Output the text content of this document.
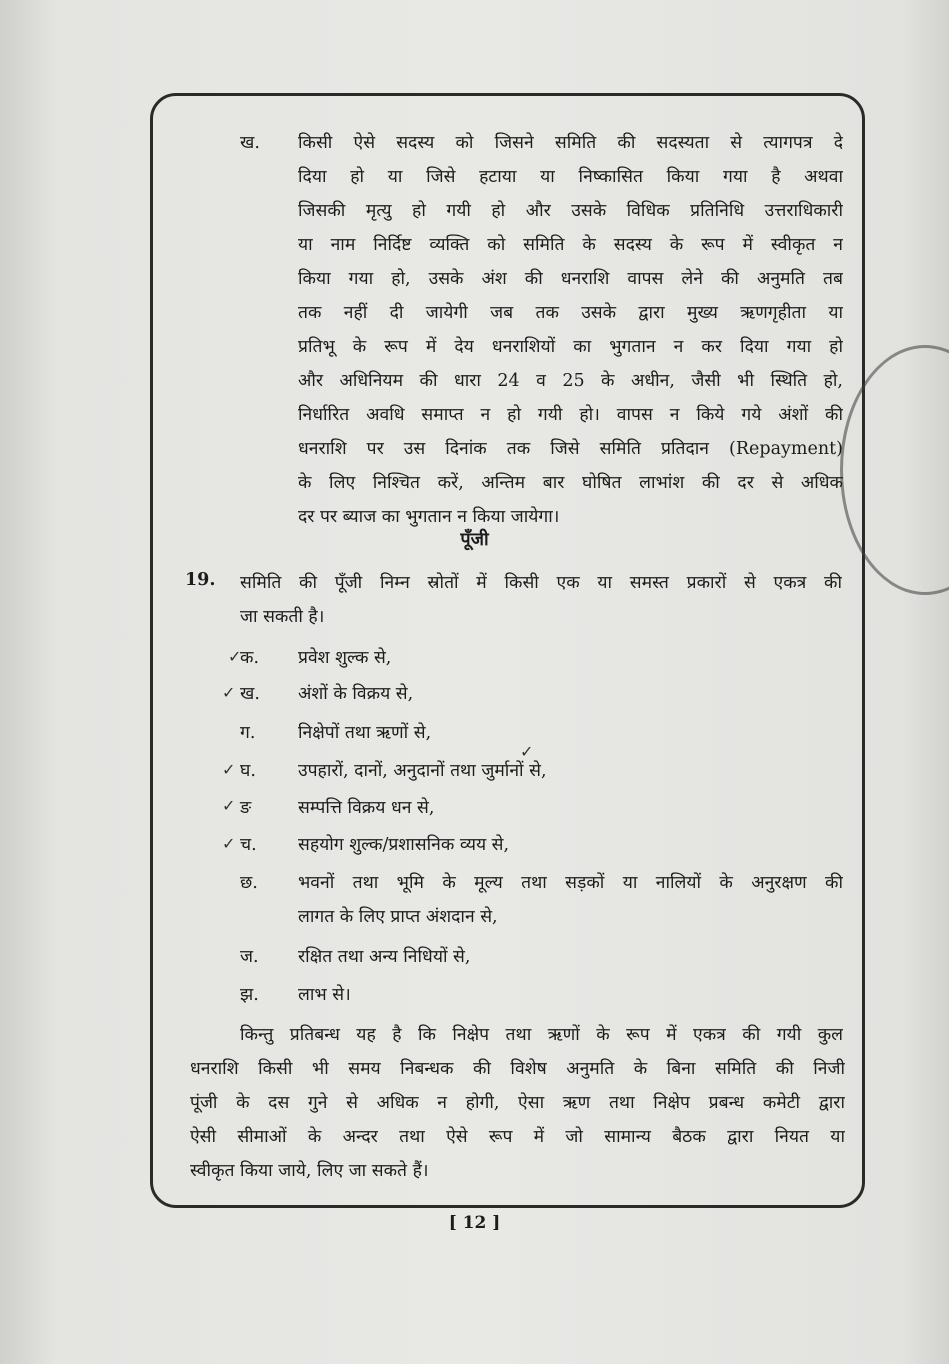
ख. किसी ऐसे सदस्य को जिसने समिति की सदस्यता से त्यागपत्र दे
दिया हो या जिसे हटाया या निष्कासित किया गया है अथवा
जिसकी मृत्यु हो गयी हो और उसके विधिक प्रतिनिधि उत्तराधिकारी
या नाम निर्दिष्ट व्यक्ति को समिति के सदस्य के रूप में स्वीकृत न
किया गया हो, उसके अंश की धनराशि वापस लेने की अनुमति तब
तक नहीं दी जायेगी जब तक उसके द्वारा मुख्य ऋणगृहीता या
प्रतिभू के रूप में देय धनराशियों का भुगतान न कर दिया गया हो
और अधिनियम की धारा 24 व 25 के अधीन, जैसी भी स्थिति हो,
निर्धारित अवधि समाप्त न हो गयी हो। वापस न किये गये अंशों की
धनराशि पर उस दिनांक तक जिसे समिति प्रतिदान (Repayment)
के लिए निश्चित करें, अन्तिम बार घोषित लाभांश की दर से अधिक
दर पर ब्याज का भुगतान न किया जायेगा।
पूँजी
19. समिति की पूँजी निम्न स्रोतों में किसी एक या समस्त प्रकारों से एकत्र की
जा सकती है।
✓
क. प्रवेश शुल्क से,
✓ ख. अंशों के विक्रय से,
ग. निक्षेपों तथा ऋणों से,
✓
✓
घ. उपहारों, दानों, अनुदानों तथा जुर्मानों से,
✓ ङ	सम्पत्ति विक्रय धन से,
✓ च. सहयोग शुल्क/प्रशासनिक व्यय से,
छ. भवनों तथा भूमि के मूल्य तथा सड़कों या नालियों के अनुरक्षण की
लागत के लिए प्राप्त अंशदान से,
ज. रक्षित तथा अन्य निधियों से,
झ. लाभ से।
किन्तु प्रतिबन्ध यह है कि निक्षेप तथा ऋणों के रूप में एकत्र की गयी कुल
धनराशि किसी भी समय निबन्धक की विशेष अनुमति के बिना समिति की निजी
पूंजी के दस गुने से अधिक न होगी, ऐसा ऋण तथा निक्षेप प्रबन्ध कमेटी द्वारा
ऐसी सीमाओं के अन्दर तथा ऐसे रूप में जो सामान्य बैठक द्वारा नियत या
स्वीकृत किया जाये, लिए जा सकते हैं।
[ 12 ]
